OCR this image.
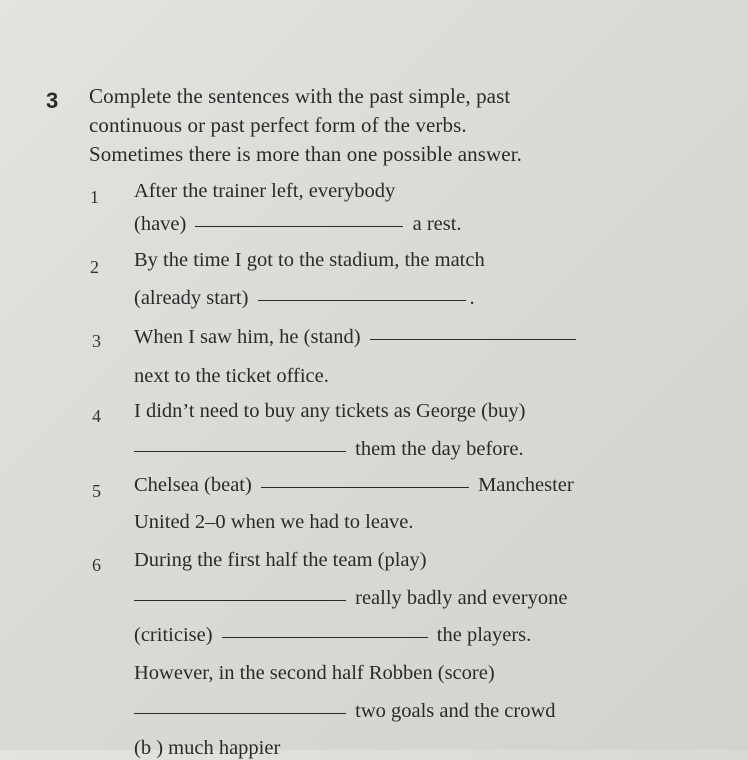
3 Complete the sentences with the past simple, past
continuous or past perfect form of the verbs.
Sometimes there is more than one possible answer.
1 After the trainer left, everybody
(have)	a rest.
2 By the time I got to the stadium, the match
(already start)	.
3 When I saw him, he (stand)
next to the ticket office.
4 I didn’t need to buy any tickets as George (buy)
them the day before.
5 Chelsea (beat)	Manchester
United 2–0 when we had to leave.
6 During the first half the team (play)
really badly and everyone
(criticise)	the players.
However, in the second half Robben (score)
two goals and the crowd
(b ) much happier
